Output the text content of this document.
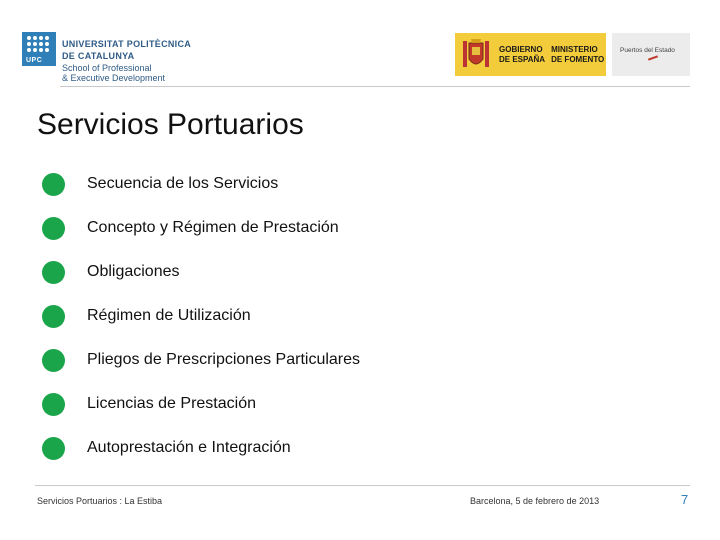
UPC
UNIVERSITAT POLITÈCNICA
DE CATALUNYA
School of Professional
& Executive Development
GOBIERNO
DE ESPAÑA
MINISTERIO
DE FOMENTO
Puertos del Estado
Servicios Portuarios
Secuencia de los Servicios
Concepto y Régimen de Prestación
Obligaciones
Régimen de Utilización
Pliegos de Prescripciones Particulares
Licencias de Prestación
Autoprestación e Integración
Servicios Portuarios : La Estiba	Barcelona, 5 de febrero de 2013	7
